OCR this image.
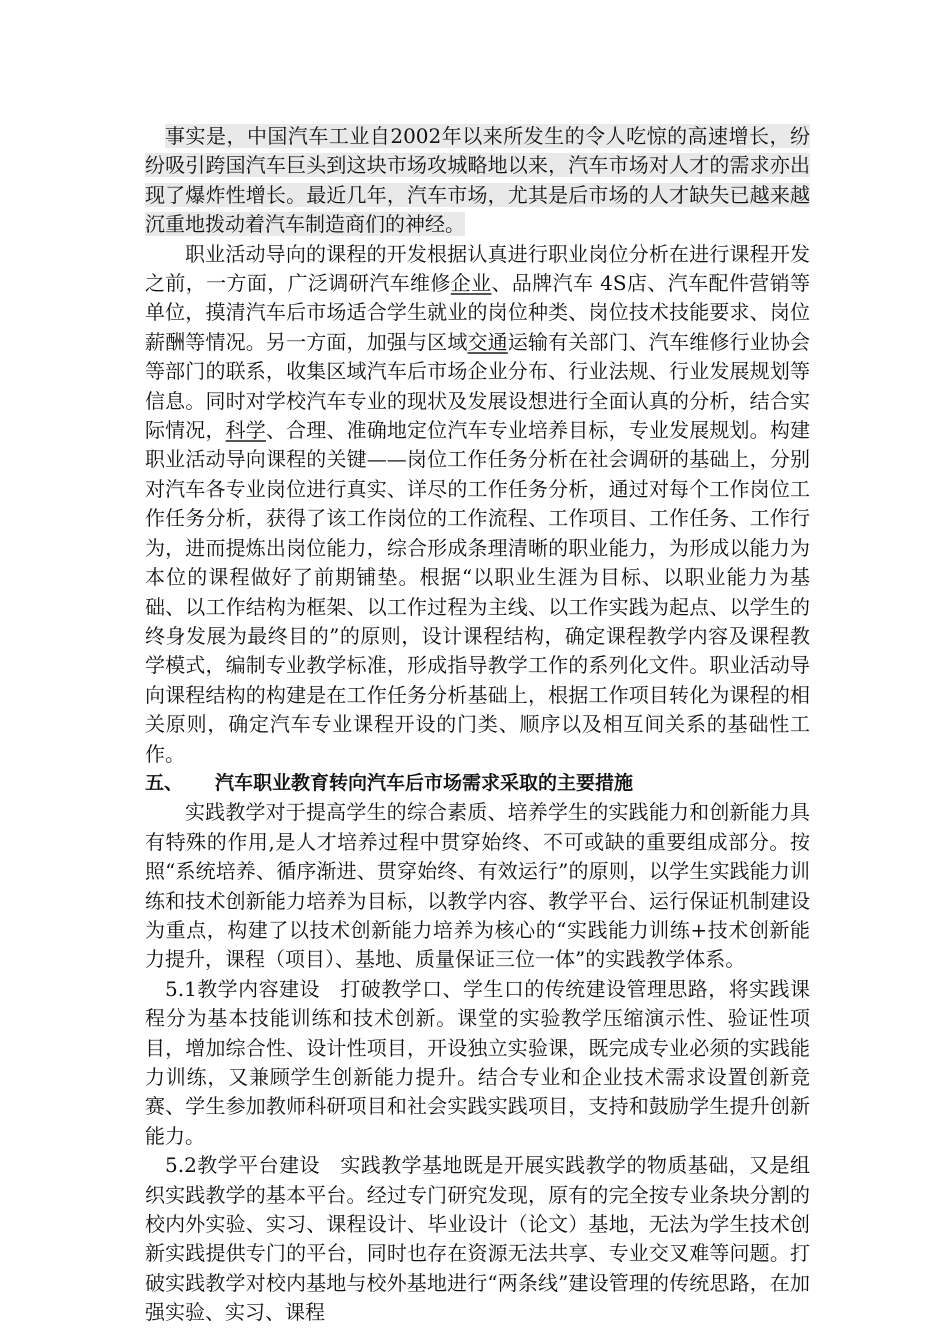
事实是，中国汽车工业自2002年以来所发生的令人吃惊的高速增长，纷纷吸引跨国汽车巨头到这块市场攻城略地以来，汽车市场对人才的需求亦出现了爆炸性增长。最近几年，汽车市场，尤其是后市场的人才缺失已越来越沉重地拨动着汽车制造商们的神经。

职业活动导向的课程的开发根据认真进行职业岗位分析在进行课程开发之前，一方面，广泛调研汽车维修企业、品牌汽车 4S店、汽车配件营销等单位，摸清汽车后市场适合学生就业的岗位种类、岗位技术技能要求、岗位薪酬等情况。另一方面，加强与区域交通运输有关部门、汽车维修行业协会等部门的联系，收集区域汽车后市场企业分布、行业法规、行业发展规划等信息。同时对学校汽车专业的现状及发展设想进行全面认真的分析，结合实际情况，科学、合理、准确地定位汽车专业培养目标，专业发展规划。构建职业活动导向课程的关键——岗位工作任务分析在社会调研的基础上，分别对汽车各专业岗位进行真实、详尽的工作任务分析，通过对每个工作岗位工作任务分析，获得了该工作岗位的工作流程、工作项目、工作任务、工作行为，进而提炼出岗位能力，综合形成条理清晰的职业能力，为形成以能力为本位的课程做好了前期铺垫。根据“以职业生涯为目标、以职业能力为基础、以工作结构为框架、以工作过程为主线、以工作实践为起点、以学生的终身发展为最终目的”的原则，设计课程结构，确定课程教学内容及课程教学模式，编制专业教学标准，形成指导教学工作的系列化文件。职业活动导向课程结构的构建是在工作任务分析基础上，根据工作项目转化为课程的相关原则，确定汽车专业课程开设的门类、顺序以及相互间关系的基础性工作。

五、 汽车职业教育转向汽车后市场需求采取的主要措施

实践教学对于提高学生的综合素质、培养学生的实践能力和创新能力具有特殊的作用,是人才培养过程中贯穿始终、不可或缺的重要组成部分。按照“系统培养、循序渐进、贯穿始终、有效运行”的原则，以学生实践能力训练和技术创新能力培养为目标，以教学内容、教学平台、运行保证机制建设为重点，构建了以技术创新能力培养为核心的“实践能力训练+技术创新能力提升，课程（项目）、基地、质量保证三位一体”的实践教学体系。

5.1教学内容建设　打破教学口、学生口的传统建设管理思路，将实践课程分为基本技能训练和技术创新。课堂的实验教学压缩演示性、验证性项目，增加综合性、设计性项目，开设独立实验课，既完成专业必须的实践能力训练，又兼顾学生创新能力提升。结合专业和企业技术需求设置创新竞赛、学生参加教师科研项目和社会实践实践项目，支持和鼓励学生提升创新能力。

5.2教学平台建设　实践教学基地既是开展实践教学的物质基础，又是组织实践教学的基本平台。经过专门研究发现，原有的完全按专业条块分割的校内外实验、实习、课程设计、毕业设计（论文）基地，无法为学生技术创新实践提供专门的平台，同时也存在资源无法共享、专业交叉难等问题。打破实践教学对校内基地与校外基地进行“两条线”建设管理的传统思路，在加强实验、实习、课程
